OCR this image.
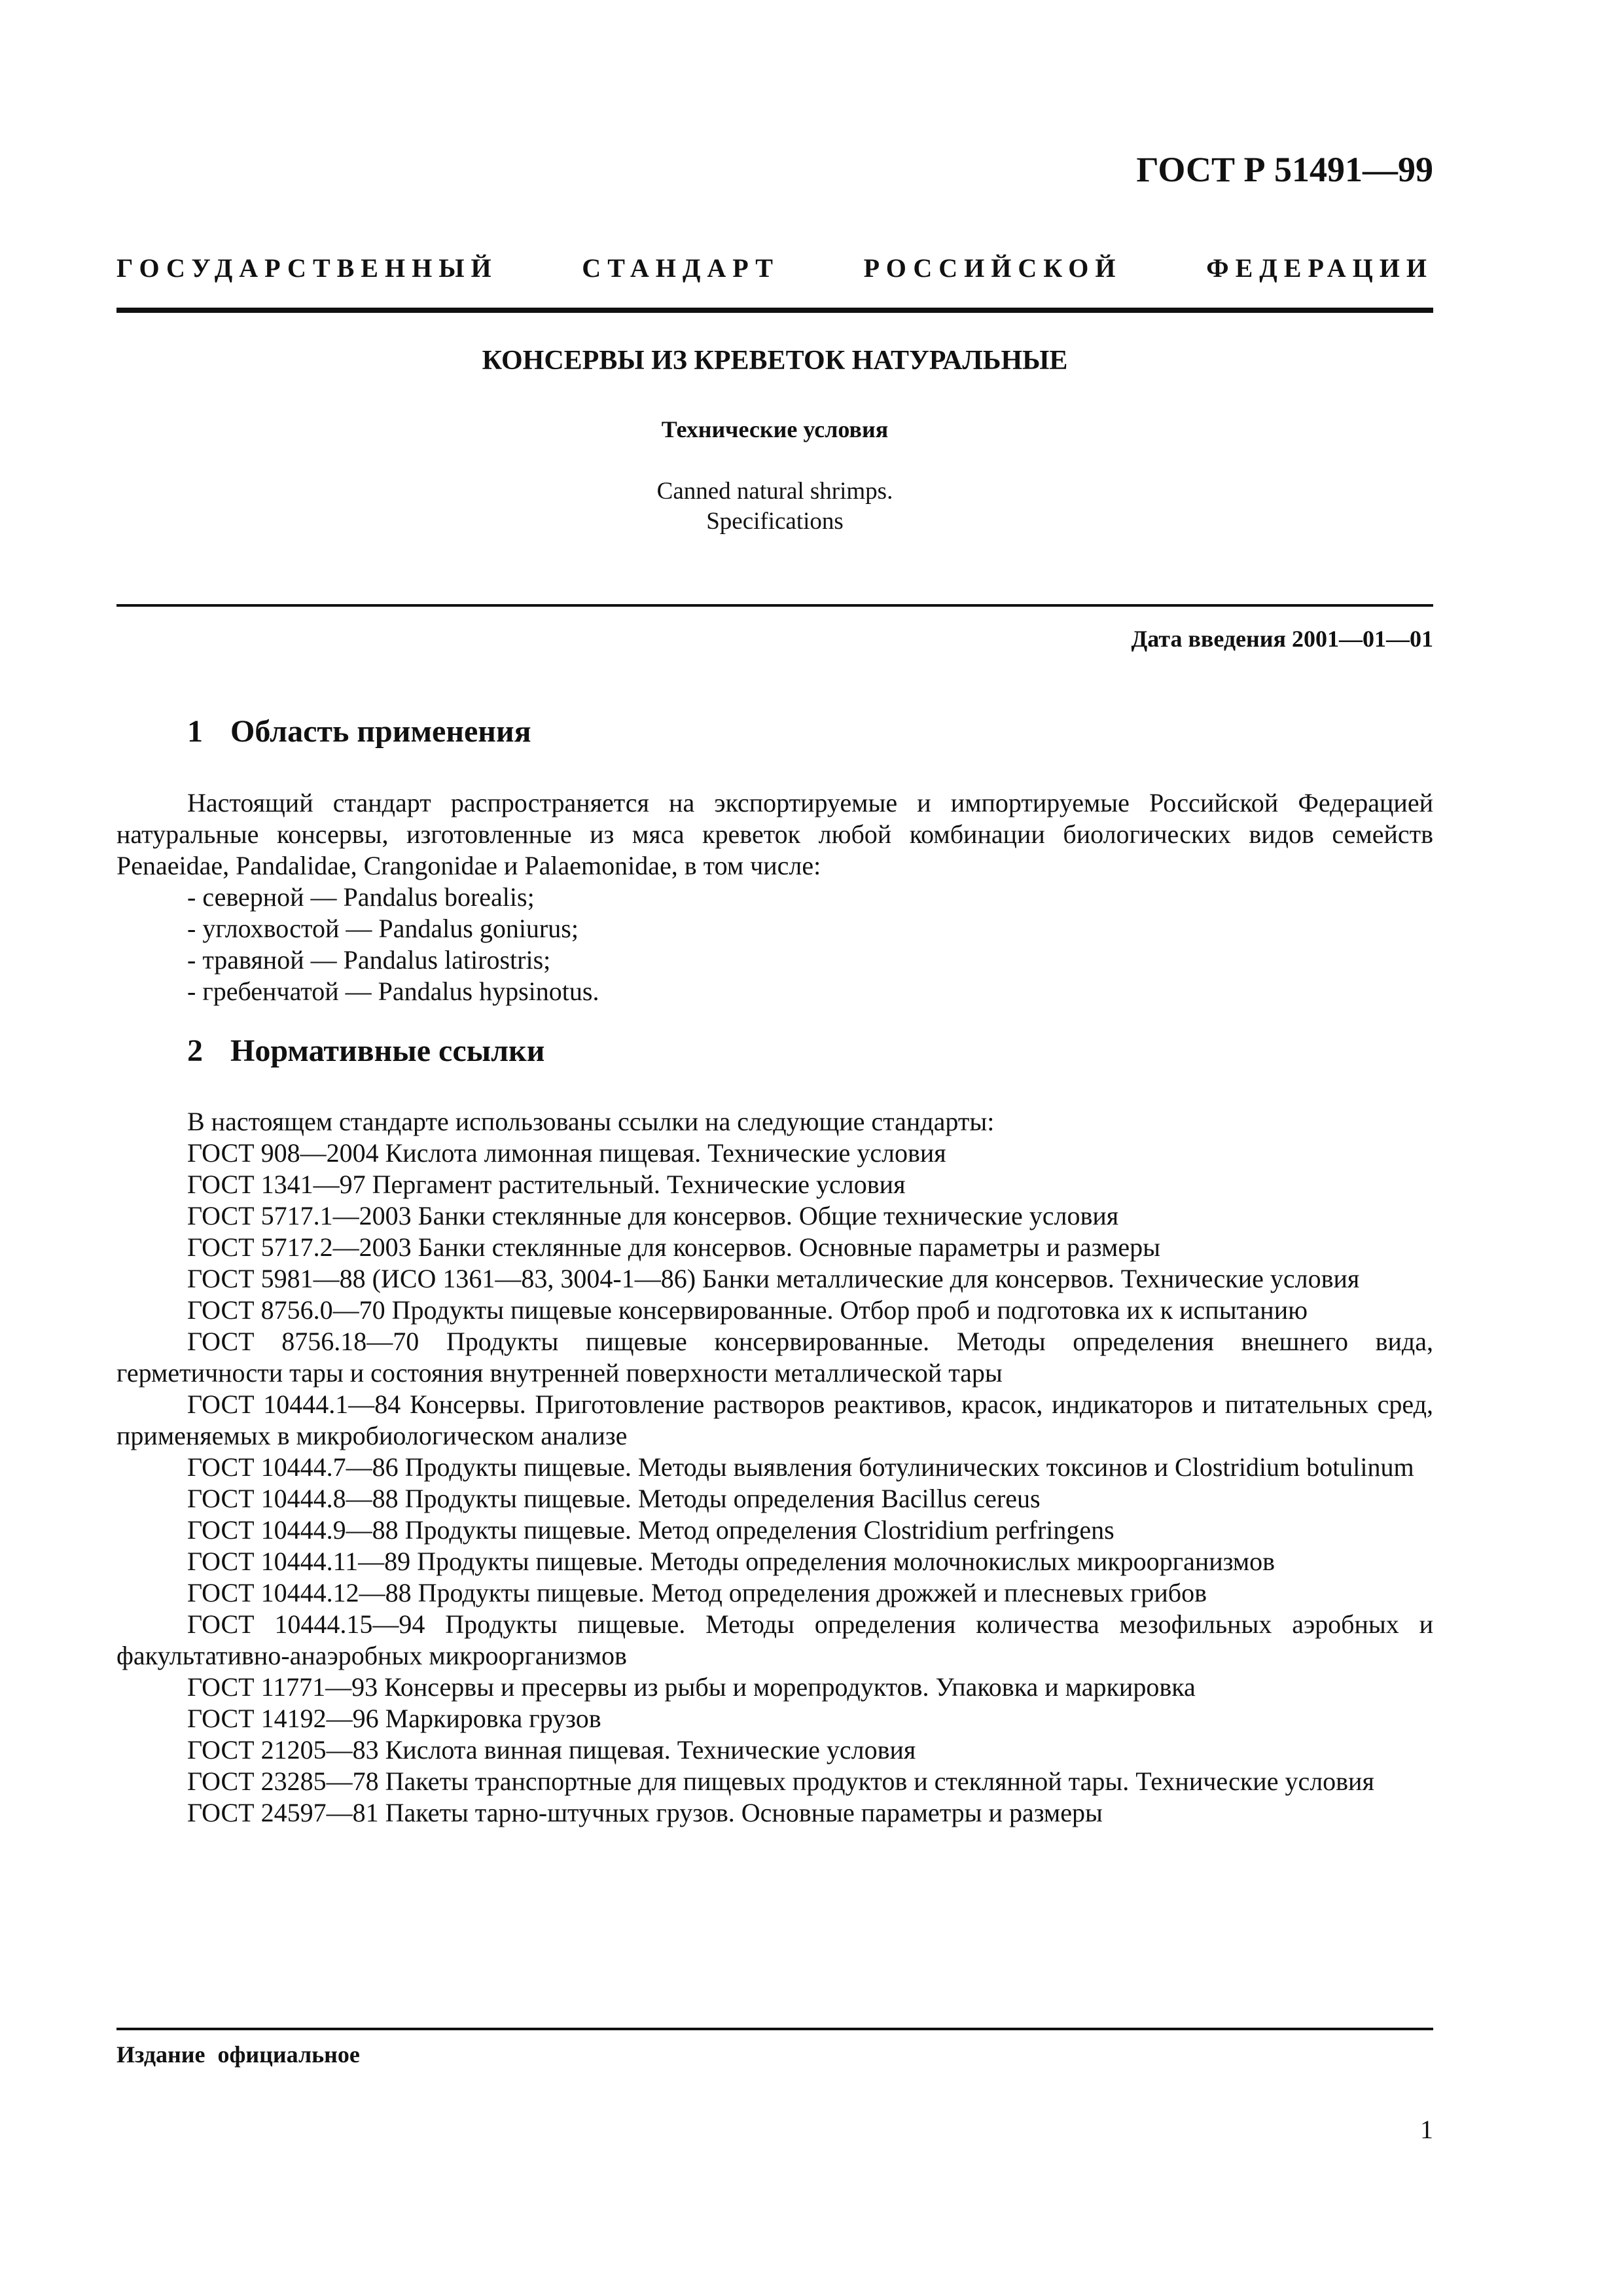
ГОСТ Р 51491—99
ГОСУДАРСТВЕННЫЙ СТАНДАРТ РОССИЙСКОЙ ФЕДЕРАЦИИ
КОНСЕРВЫ ИЗ КРЕВЕТОК НАТУРАЛЬНЫЕ
Технические условия
Canned natural shrimps.
Specifications
Дата введения 2001—01—01
1 Область применения

Настоящий стандарт распространяется на экспортируемые и импортируемые Российской Федерацией натуральные консервы, изготовленные из мяса креветок любой комбинации биологических видов семейств Penaeidae, Pandalidae, Crangonidae и Palaemonidae, в том числе:

- северной — Pandalus borealis;

- углохвостой — Pandalus goniurus;

- травяной — Pandalus latirostris;

- гребенчатой — Pandalus hypsinotus.

2 Нормативные ссылки

В настоящем стандарте использованы ссылки на следующие стандарты:

ГОСТ 908—2004 Кислота лимонная пищевая. Технические условия

ГОСТ 1341—97 Пергамент растительный. Технические условия

ГОСТ 5717.1—2003 Банки стеклянные для консервов. Общие технические условия

ГОСТ 5717.2—2003 Банки стеклянные для консервов. Основные параметры и размеры

ГОСТ 5981—88 (ИСО 1361—83, 3004-1—86) Банки металлические для консервов. Технические условия

ГОСТ 8756.0—70 Продукты пищевые консервированные. Отбор проб и подготовка их к испытанию

ГОСТ 8756.18—70 Продукты пищевые консервированные. Методы определения внешнего вида, герметичности тары и состояния внутренней поверхности металлической тары

ГОСТ 10444.1—84 Консервы. Приготовление растворов реактивов, красок, индикаторов и питательных сред, применяемых в микробиологическом анализе

ГОСТ 10444.7—86 Продукты пищевые. Методы выявления ботулинических токсинов и Clostridium botulinum

ГОСТ 10444.8—88 Продукты пищевые. Методы определения Bacillus cereus

ГОСТ 10444.9—88 Продукты пищевые. Метод определения Clostridium perfringens

ГОСТ 10444.11—89 Продукты пищевые. Методы определения молочнокислых микроорганизмов

ГОСТ 10444.12—88 Продукты пищевые. Метод определения дрожжей и плесневых грибов

ГОСТ 10444.15—94 Продукты пищевые. Методы определения количества мезофильных аэробных и факультативно-анаэробных микроорганизмов

ГОСТ 11771—93 Консервы и пресервы из рыбы и морепродуктов. Упаковка и маркировка

ГОСТ 14192—96 Маркировка грузов

ГОСТ 21205—83 Кислота винная пищевая. Технические условия

ГОСТ 23285—78 Пакеты транспортные для пищевых продуктов и стеклянной тары. Технические условия

ГОСТ 24597—81 Пакеты тарно-штучных грузов. Основные параметры и размеры

Издание официальное
1
